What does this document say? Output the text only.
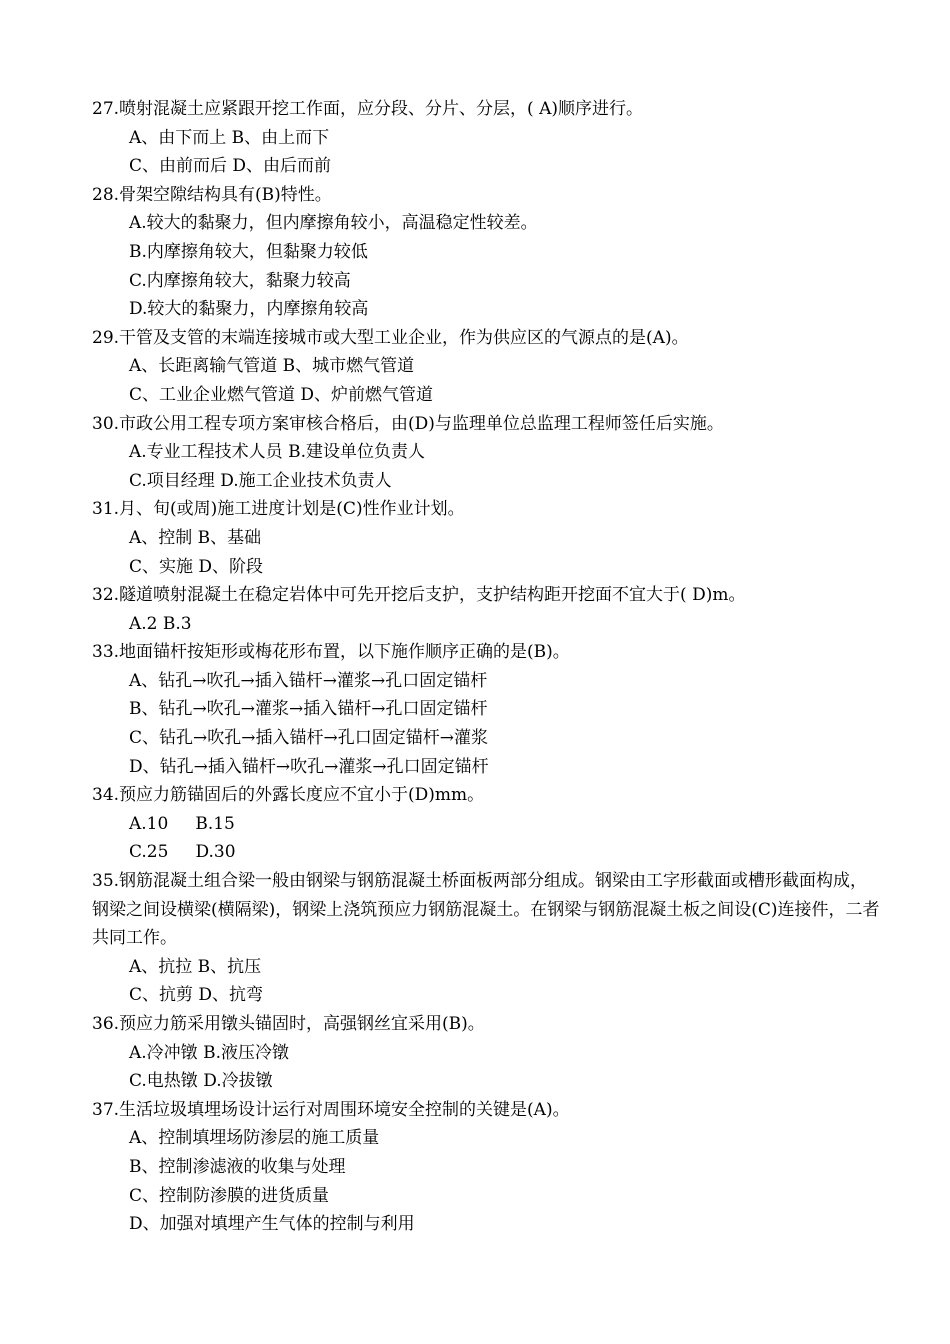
27.喷射混凝土应紧跟开挖工作面，应分段、分片、分层，( A)顺序进行。
A、由下而上 B、由上而下
C、由前而后 D、由后而前
28.骨架空隙结构具有(B)特性。
A.较大的黏聚力，但内摩擦角较小，高温稳定性较差。
B.内摩擦角较大，但黏聚力较低
C.内摩擦角较大，黏聚力较高
D.较大的黏聚力，内摩擦角较高
29.干管及支管的末端连接城市或大型工业企业，作为供应区的气源点的是(A)。
A、长距离输气管道 B、城市燃气管道
C、工业企业燃气管道 D、炉前燃气管道
30.市政公用工程专项方案审核合格后，由(D)与监理单位总监理工程师签任后实施。
A.专业工程技术人员 B.建设单位负责人
C.项目经理 D.施工企业技术负责人
31.月、旬(或周)施工进度计划是(C)性作业计划。
A、控制 B、基础
C、实施 D、阶段
32.隧道喷射混凝土在稳定岩体中可先开挖后支护，支护结构距开挖面不宜大于( D)m。
A.2 B.3
33.地面锚杆按矩形或梅花形布置，以下施作顺序正确的是(B)。
A、钻孔→吹孔→插入锚杆→灌浆→孔口固定锚杆
B、钻孔→吹孔→灌浆→插入锚杆→孔口固定锚杆
C、钻孔→吹孔→插入锚杆→孔口固定锚杆→灌浆
D、钻孔→插入锚杆→吹孔→灌浆→孔口固定锚杆
34.预应力筋锚固后的外露长度应不宜小于(D)mm。
A.10     B.15
C.25     D.30
35.钢筋混凝土组合梁一般由钢梁与钢筋混凝土桥面板两部分组成。钢梁由工字形截面或槽形截面构成，钢梁之间设横梁(横隔梁)，钢梁上浇筑预应力钢筋混凝土。在钢梁与钢筋混凝土板之间设(C)连接件，二者共同工作。
A、抗拉 B、抗压
C、抗剪 D、抗弯
36.预应力筋采用镦头锚固时，高强钢丝宜采用(B)。
A.冷冲镦 B.液压冷镦
C.电热镦 D.冷拔镦
37.生活垃圾填埋场设计运行对周围环境安全控制的关键是(A)。
A、控制填埋场防渗层的施工质量
B、控制渗滤液的收集与处理
C、控制防渗膜的进货质量
D、加强对填埋产生气体的控制与利用
